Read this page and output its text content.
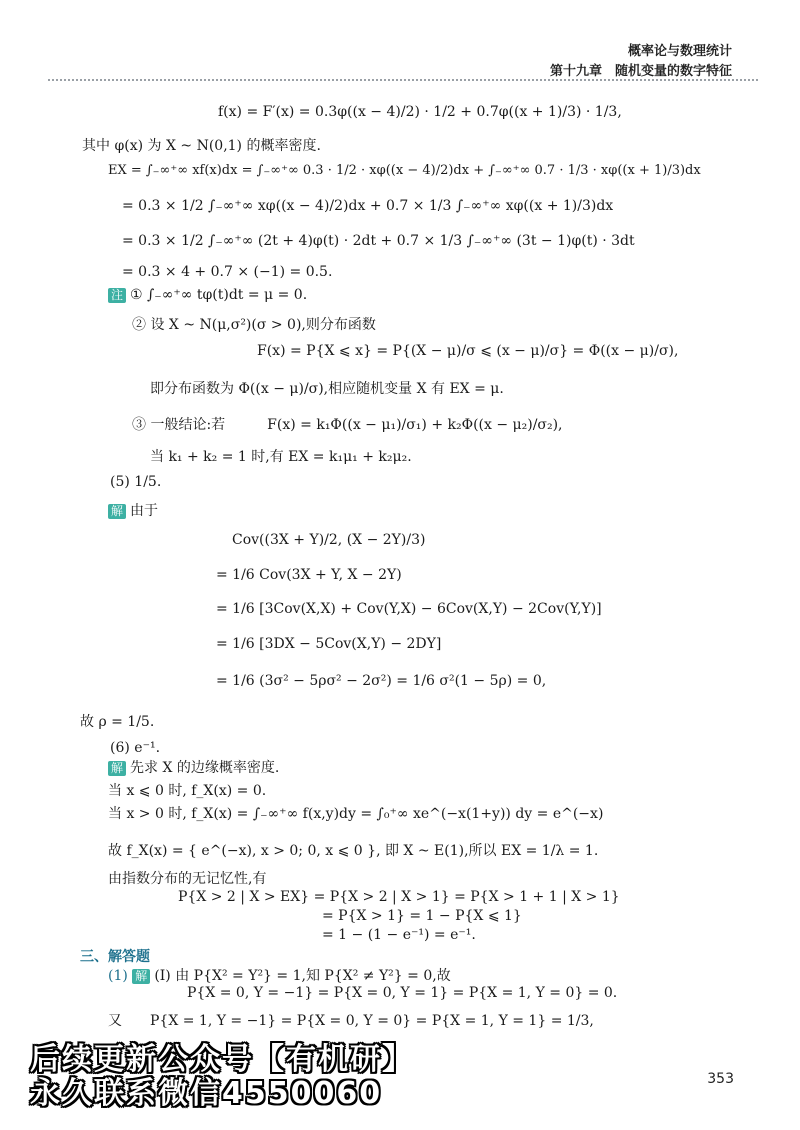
概率论与数理统计
第十九章　随机变量的数字特征
f(x) = F′(x) = 0.3φ((x − 4)/2) · 1/2 + 0.7φ((x + 1)/3) · 1/3,
其中 φ(x) 为 X ~ N(0,1) 的概率密度.
EX = ∫₋∞⁺∞ xf(x)dx = ∫₋∞⁺∞ 0.3 · 1/2 · xφ((x − 4)/2)dx + ∫₋∞⁺∞ 0.7 · 1/3 · xφ((x + 1)/3)dx
= 0.3 × 1/2 ∫₋∞⁺∞ xφ((x − 4)/2)dx + 0.7 × 1/3 ∫₋∞⁺∞ xφ((x + 1)/3)dx
= 0.3 × 1/2 ∫₋∞⁺∞ (2t + 4)φ(t) · 2dt + 0.7 × 1/3 ∫₋∞⁺∞ (3t − 1)φ(t) · 3dt
= 0.3 × 4 + 0.7 × (−1) = 0.5.
注 ① ∫₋∞⁺∞ tφ(t)dt = μ = 0.
② 设 X ~ N(μ,σ²)(σ > 0),则分布函数
F(x) = P{X ⩽ x} = P{(X − μ)/σ ⩽ (x − μ)/σ} = Φ((x − μ)/σ),
即分布函数为 Φ((x − μ)/σ),相应随机变量 X 有 EX = μ.
③ 一般结论:若　　　F(x) = k₁Φ((x − μ₁)/σ₁) + k₂Φ((x − μ₂)/σ₂),
当 k₁ + k₂ = 1 时,有 EX = k₁μ₁ + k₂μ₂.
(5) 1/5.
解 由于
Cov((3X + Y)/2, (X − 2Y)/3)
= 1/6 Cov(3X + Y, X − 2Y)
= 1/6 [3Cov(X,X) + Cov(Y,X) − 6Cov(X,Y) − 2Cov(Y,Y)]
= 1/6 [3DX − 5Cov(X,Y) − 2DY]
= 1/6 (3σ² − 5ρσ² − 2σ²) = 1/6 σ²(1 − 5ρ) = 0,
故 ρ = 1/5.
(6) e⁻¹.
解 先求 X 的边缘概率密度.
当 x ⩽ 0 时, f_X(x) = 0.
当 x > 0 时, f_X(x) = ∫₋∞⁺∞ f(x,y)dy = ∫₀⁺∞ xe^(−x(1+y)) dy = e^(−x)
故 f_X(x) = { e^(−x), x > 0; 0, x ⩽ 0 }, 即 X ~ E(1),所以 EX = 1/λ = 1.
由指数分布的无记忆性,有
P{X > 2 | X > EX} = P{X > 2 | X > 1} = P{X > 1 + 1 | X > 1}
= P{X > 1} = 1 − P{X ⩽ 1}
= 1 − (1 − e⁻¹) = e⁻¹.
三、解答题
(1) 解 (Ⅰ) 由 P{X² = Y²} = 1,知 P{X² ≠ Y²} = 0,故
P{X = 0, Y = −1} = P{X = 0, Y = 1} = P{X = 1, Y = 0} = 0.
又　　P{X = 1, Y = −1} = P{X = 0, Y = 0} = P{X = 1, Y = 1} = 1/3,
后续更新公众号【有机研】
永久联系微信4550060	353
